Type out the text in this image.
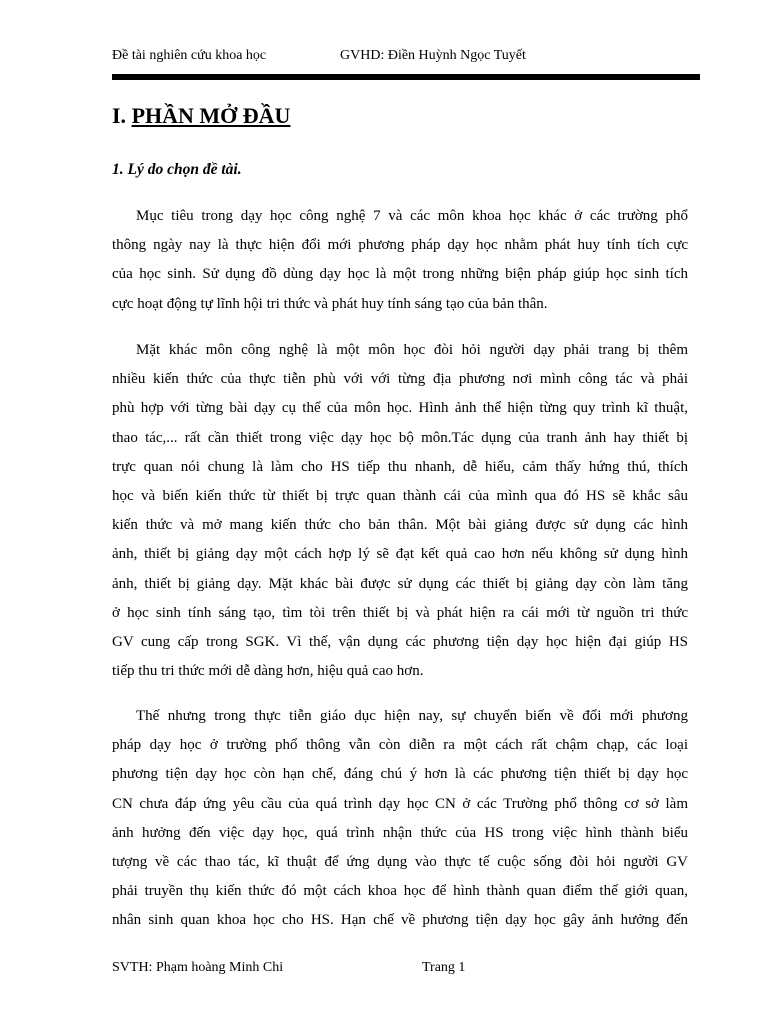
Đề tài nghiên cứu khoa học	GVHD: Điền Huỳnh Ngọc Tuyết
I. PHẦN MỞ ĐẦU
1. Lý do chọn đề tài.
Mục tiêu trong dạy học công nghệ 7 và các môn khoa học khác ở các trường phổ
thông ngày nay là thực hiện đổi mới phương pháp dạy học nhằm phát huy tính tích cực
của học sinh. Sử dụng đồ dùng dạy học là một trong những biện pháp giúp học sinh tích
cực hoạt động tự lĩnh hội tri thức và phát huy tính sáng tạo của bản thân.
Mặt khác môn công nghệ là một môn học đòi hỏi người dạy phải trang bị thêm
nhiều kiến thức của thực tiễn phù với với từng địa phương nơi mình công tác và phải
phù hợp với từng bài dạy cụ thể của môn học. Hình ảnh thể hiện từng quy trình kĩ thuật,
thao tác,... rất cần thiết trong việc dạy học bộ môn.Tác dụng của tranh ảnh hay thiết bị
trực quan nói chung là làm cho HS tiếp thu nhanh, dễ hiểu, cảm thấy hứng thú, thích
học và biến kiến thức từ thiết bị trực quan thành cái của mình qua đó HS sẽ khắc sâu
kiến thức và mở mang kiến thức cho bản thân. Một bài giảng được sử dụng các hình
ảnh, thiết bị giảng dạy một cách hợp lý sẽ đạt kết quả cao hơn nếu không sử dụng hình
ảnh, thiết bị giảng dạy. Mặt khác bài được sử dụng các thiết bị giảng dạy còn làm tăng
ở học sinh tính sáng tạo, tìm tòi trên thiết bị và phát hiện ra cái mới từ nguồn tri thức
GV cung cấp trong SGK. Vì thế, vận dụng các phương tiện dạy học hiện đại giúp HS
tiếp thu tri thức mới dễ dàng hơn, hiệu quả cao hơn.
Thế nhưng trong thực tiễn giáo dục hiện nay, sự chuyển biến về đổi mới phương
pháp dạy học ở trường phổ thông vẫn còn diễn ra một cách rất chậm chạp, các loại
phương tiện dạy học còn hạn chế, đáng chú ý hơn là các phương tiện thiết bị dạy học
CN chưa đáp ứng yêu cầu của quá trình dạy học CN ở các Trường phổ thông cơ sở làm
ảnh hưởng đến việc dạy học, quá trình nhận thức của HS trong việc hình thành biểu
tượng về các thao tác, kĩ thuật để ứng dụng vào thực tế cuộc sống đòi hỏi người GV
phải truyền thụ kiến thức đó một cách khoa học để hình thành quan điểm thế giới quan,
nhân sinh quan khoa học cho HS. Hạn chế về phương tiện dạy học gây ảnh hưởng đến
SVTH: Phạm hoàng Minh Chi	Trang 1
